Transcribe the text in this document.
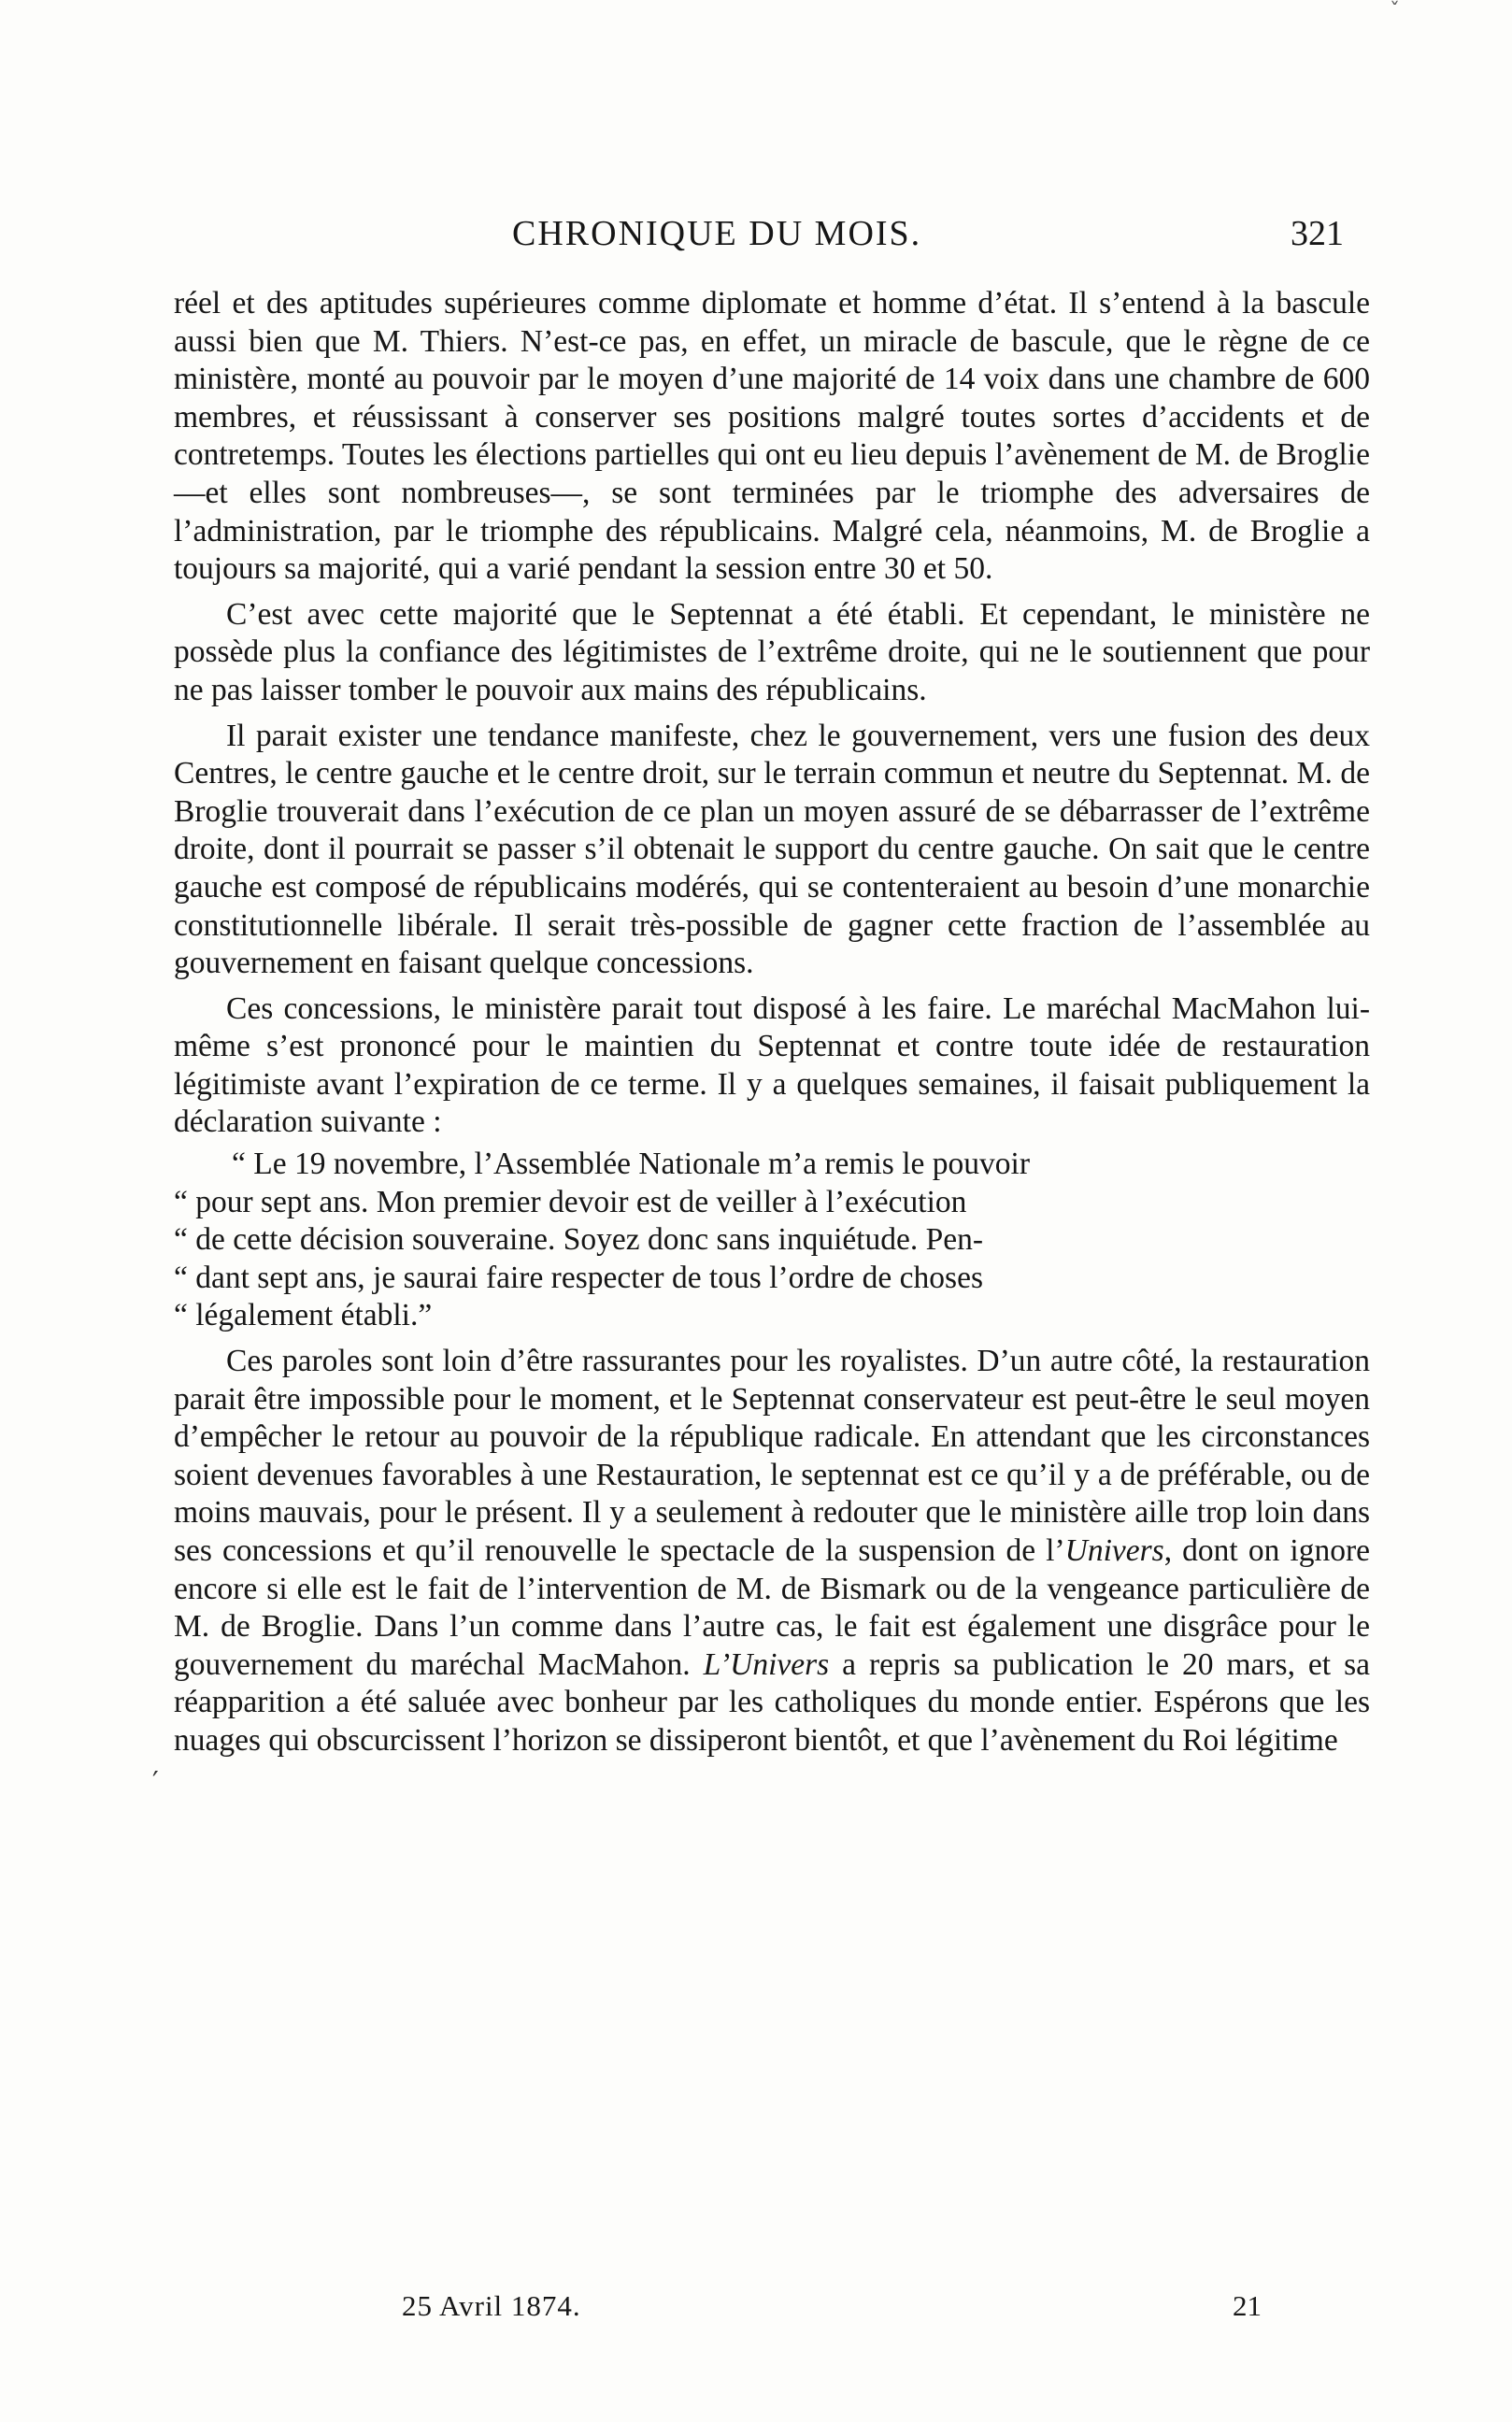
ˇ
CHRONIQUE DU MOIS.	321

réel et des aptitudes supérieures comme diplomate et homme d’état. Il s’entend à la bascule aussi bien que M. Thiers. N’est-ce pas, en effet, un miracle de bascule, que le règne de ce ministère, monté au pouvoir par le moyen d’une majorité de 14 voix dans une chambre de 600 membres, et réussissant à conserver ses positions malgré toutes sortes d’accidents et de contretemps. Toutes les élections partielles qui ont eu lieu depuis l’avènement de M. de Broglie—et elles sont nombreuses—, se sont terminées par le triomphe des adversaires de l’administration, par le triomphe des républicains. Malgré cela, néanmoins, M. de Broglie a toujours sa majorité, qui a varié pendant la session entre 30 et 50.

C’est avec cette majorité que le Septennat a été établi. Et cependant, le ministère ne possède plus la confiance des légitimistes de l’extrême droite, qui ne le soutiennent que pour ne pas laisser tomber le pouvoir aux mains des républicains.

Il parait exister une tendance manifeste, chez le gouvernement, vers une fusion des deux Centres, le centre gauche et le centre droit, sur le terrain commun et neutre du Septennat. M. de Broglie trouverait dans l’exécution de ce plan un moyen assuré de se débarrasser de l’extrême droite, dont il pourrait se passer s’il obtenait le support du centre gauche. On sait que le centre gauche est composé de républicains modérés, qui se contenteraient au besoin d’une monarchie constitutionnelle libérale. Il serait très-possible de gagner cette fraction de l’assemblée au gouvernement en faisant quelque concessions.

Ces concessions, le ministère parait tout disposé à les faire. Le maréchal MacMahon lui-même s’est prononcé pour le maintien du Septennat et contre toute idée de restauration légitimiste avant l’expiration de ce terme. Il y a quelques semaines, il faisait publiquement la déclaration suivante :

“ Le 19 novembre, l’Assemblée Nationale m’a remis le pouvoir
“ pour sept ans. Mon premier devoir est de veiller à l’exécution
“ de cette décision souveraine. Soyez donc sans inquiétude. Pen-
“ dant sept ans, je saurai faire respecter de tous l’ordre de choses
“ légalement établi.”

Ces paroles sont loin d’être rassurantes pour les royalistes. D’un autre côté, la restauration parait être impossible pour le moment, et le Septennat conservateur est peut-être le seul moyen d’empêcher le retour au pouvoir de la république radicale. En attendant que les circonstances soient devenues favorables à une Restauration, le septennat est ce qu’il y a de préférable, ou de moins mauvais, pour le présent. Il y a seulement à redouter que le ministère aille trop loin dans ses concessions et qu’il renouvelle le spectacle de la suspension de l’Univers, dont on ignore encore si elle est le fait de l’intervention de M. de Bismark ou de la vengeance particulière de M. de Broglie. Dans l’un comme dans l’autre cas, le fait est également une disgrâce pour le gouvernement du maréchal MacMahon. L’Univers a repris sa publication le 20 mars, et sa réapparition a été saluée avec bonheur par les catholiques du monde entier. Espérons que les nuages qui obscurcissent l’horizon se dissiperont bientôt, et que l’avènement du Roi légitime

′
25 Avril 1874.	21
